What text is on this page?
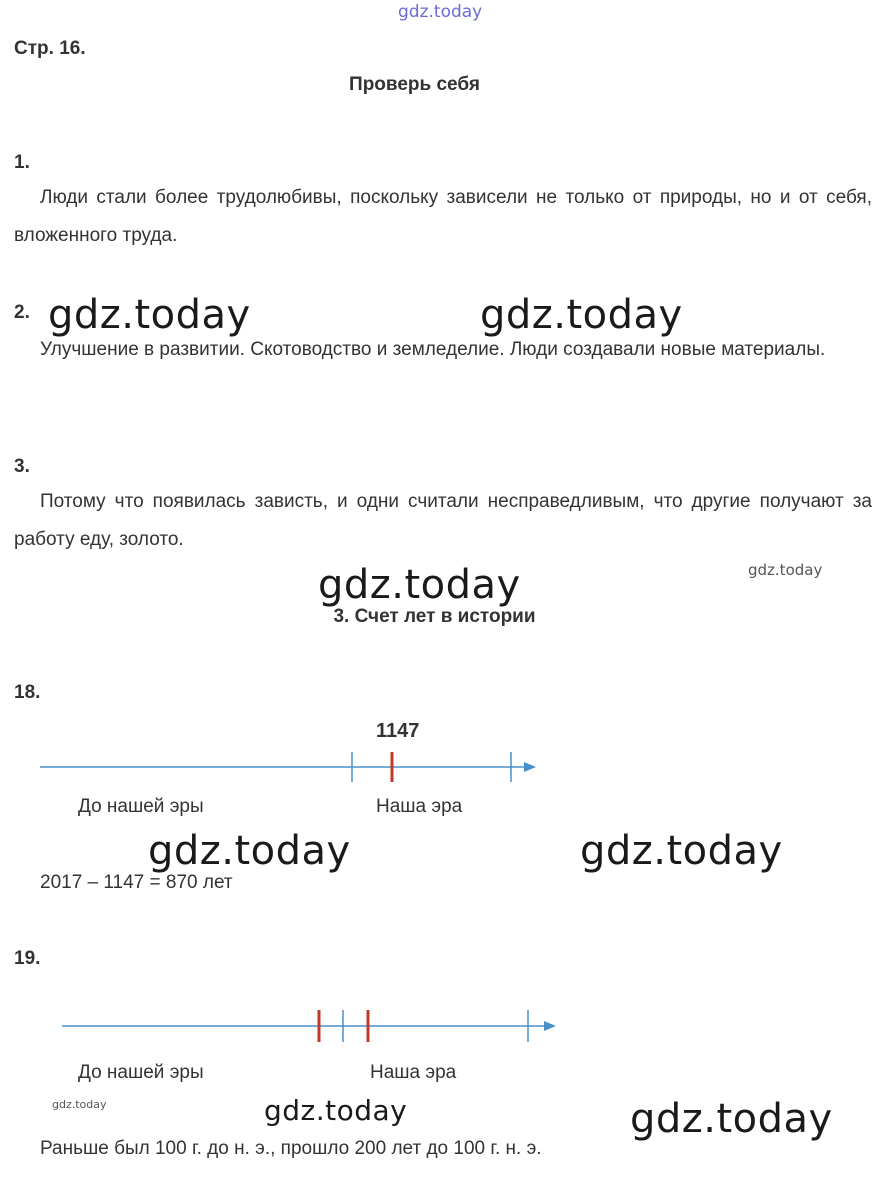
gdz.today
gdz.today	gdz.today
gdz.today	gdz.today
gdz.today	gdz.today
gdz.today	gdz.today	gdz.today
Стр. 16.
Проверь себя
1.
Люди стали более трудолюбивы, поскольку зависели не только от природы, но и от себя, вложенного труда.
2.
Улучшение в развитии. Скотоводство и земледелие. Люди создавали новые материалы.
3.
Потому что появилась зависть, и одни считали несправедливым, что другие получают за работу еду, золото.
3. Счет лет в истории
18.
1147
До нашей эры	Наша эра
2017 – 1147 = 870 лет
19.
До нашей эры	Наша эра
Раньше был 100 г. до н. э., прошло 200 лет до 100 г. н. э.
